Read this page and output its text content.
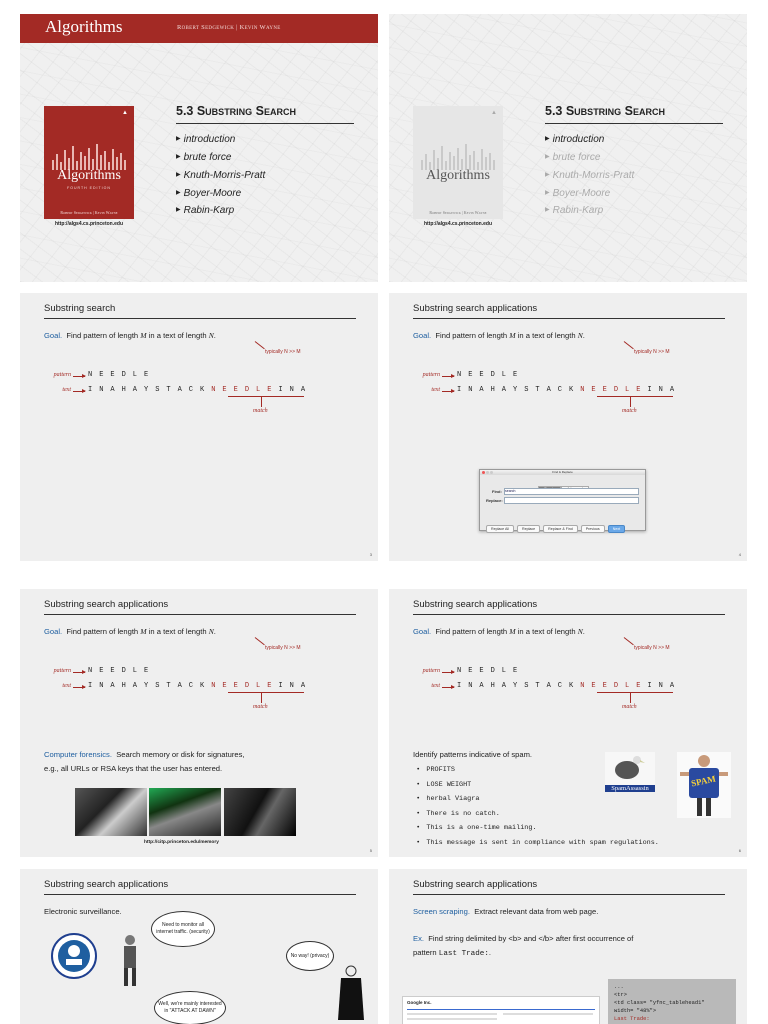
Algorithms	Robert Sedgewick | Kevin Wayne
▲
Algorithms
FOURTH EDITION
Robert Sedgewick | Kevin Wayne
http://algs4.cs.princeton.edu
5.3 Substring Search
▶ introduction
▶ brute force
▶ Knuth-Morris-Pratt
▶ Boyer-Moore
▶ Rabin-Karp
▲
Algorithms
Robert Sedgewick | Kevin Wayne
http://algs4.cs.princeton.edu
5.3 Substring Search
▶ introduction
▶ brute force
▶ Knuth-Morris-Pratt
▶ Boyer-Moore
▶ Rabin-Karp
Substring search
Goal. Find pattern of length M in a text of length N.
typically N >> M
pattern NEEDLE
text INAHAYSTACKNEEDLEINA
match
3
Substring search applications
Goal. Find pattern of length M in a text of length N.
typically N >> M
pattern NEEDLE
text INAHAYSTACKNEEDLEINA
match
Find & Replace
Find: search
Replace:
Replace All	Replace	Replace & Find	Previous	Next
4
Substring search applications
Goal. Find pattern of length M in a text of length N.
typically N >> M
pattern NEEDLE
text INAHAYSTACKNEEDLEINA
match
Computer forensics. Search memory or disk for signatures,
e.g., all URLs or RSA keys that the user has entered.
http://citp.princeton.edu/memory
5
Substring search applications
Goal. Find pattern of length M in a text of length N.
typically N >> M
pattern NEEDLE
text INAHAYSTACKNEEDLEINA
match
Identify patterns indicative of spam.
• PROFITS
• LOSE WEIGHT
• herbal Viagra
• There is no catch.
• This is a one-time mailing.
• This message is sent in compliance with spam regulations.
SpamAssassin
SPAM
6
Substring search applications
Electronic surveillance.
Need to monitor all internet traffic. (security)
No way! (privacy)
Well, we're mainly interested in "ATTACK AT DAWN"
Substring search applications
Screen scraping. Extract relevant data from web page.
Ex. Find string delimited by <b> and </b> after first occurrence of
pattern Last Trade:.
Google Inc.
...
<tr>
<td class= "yfnc_tablehead1"
width= "48%">
Last Trade:
